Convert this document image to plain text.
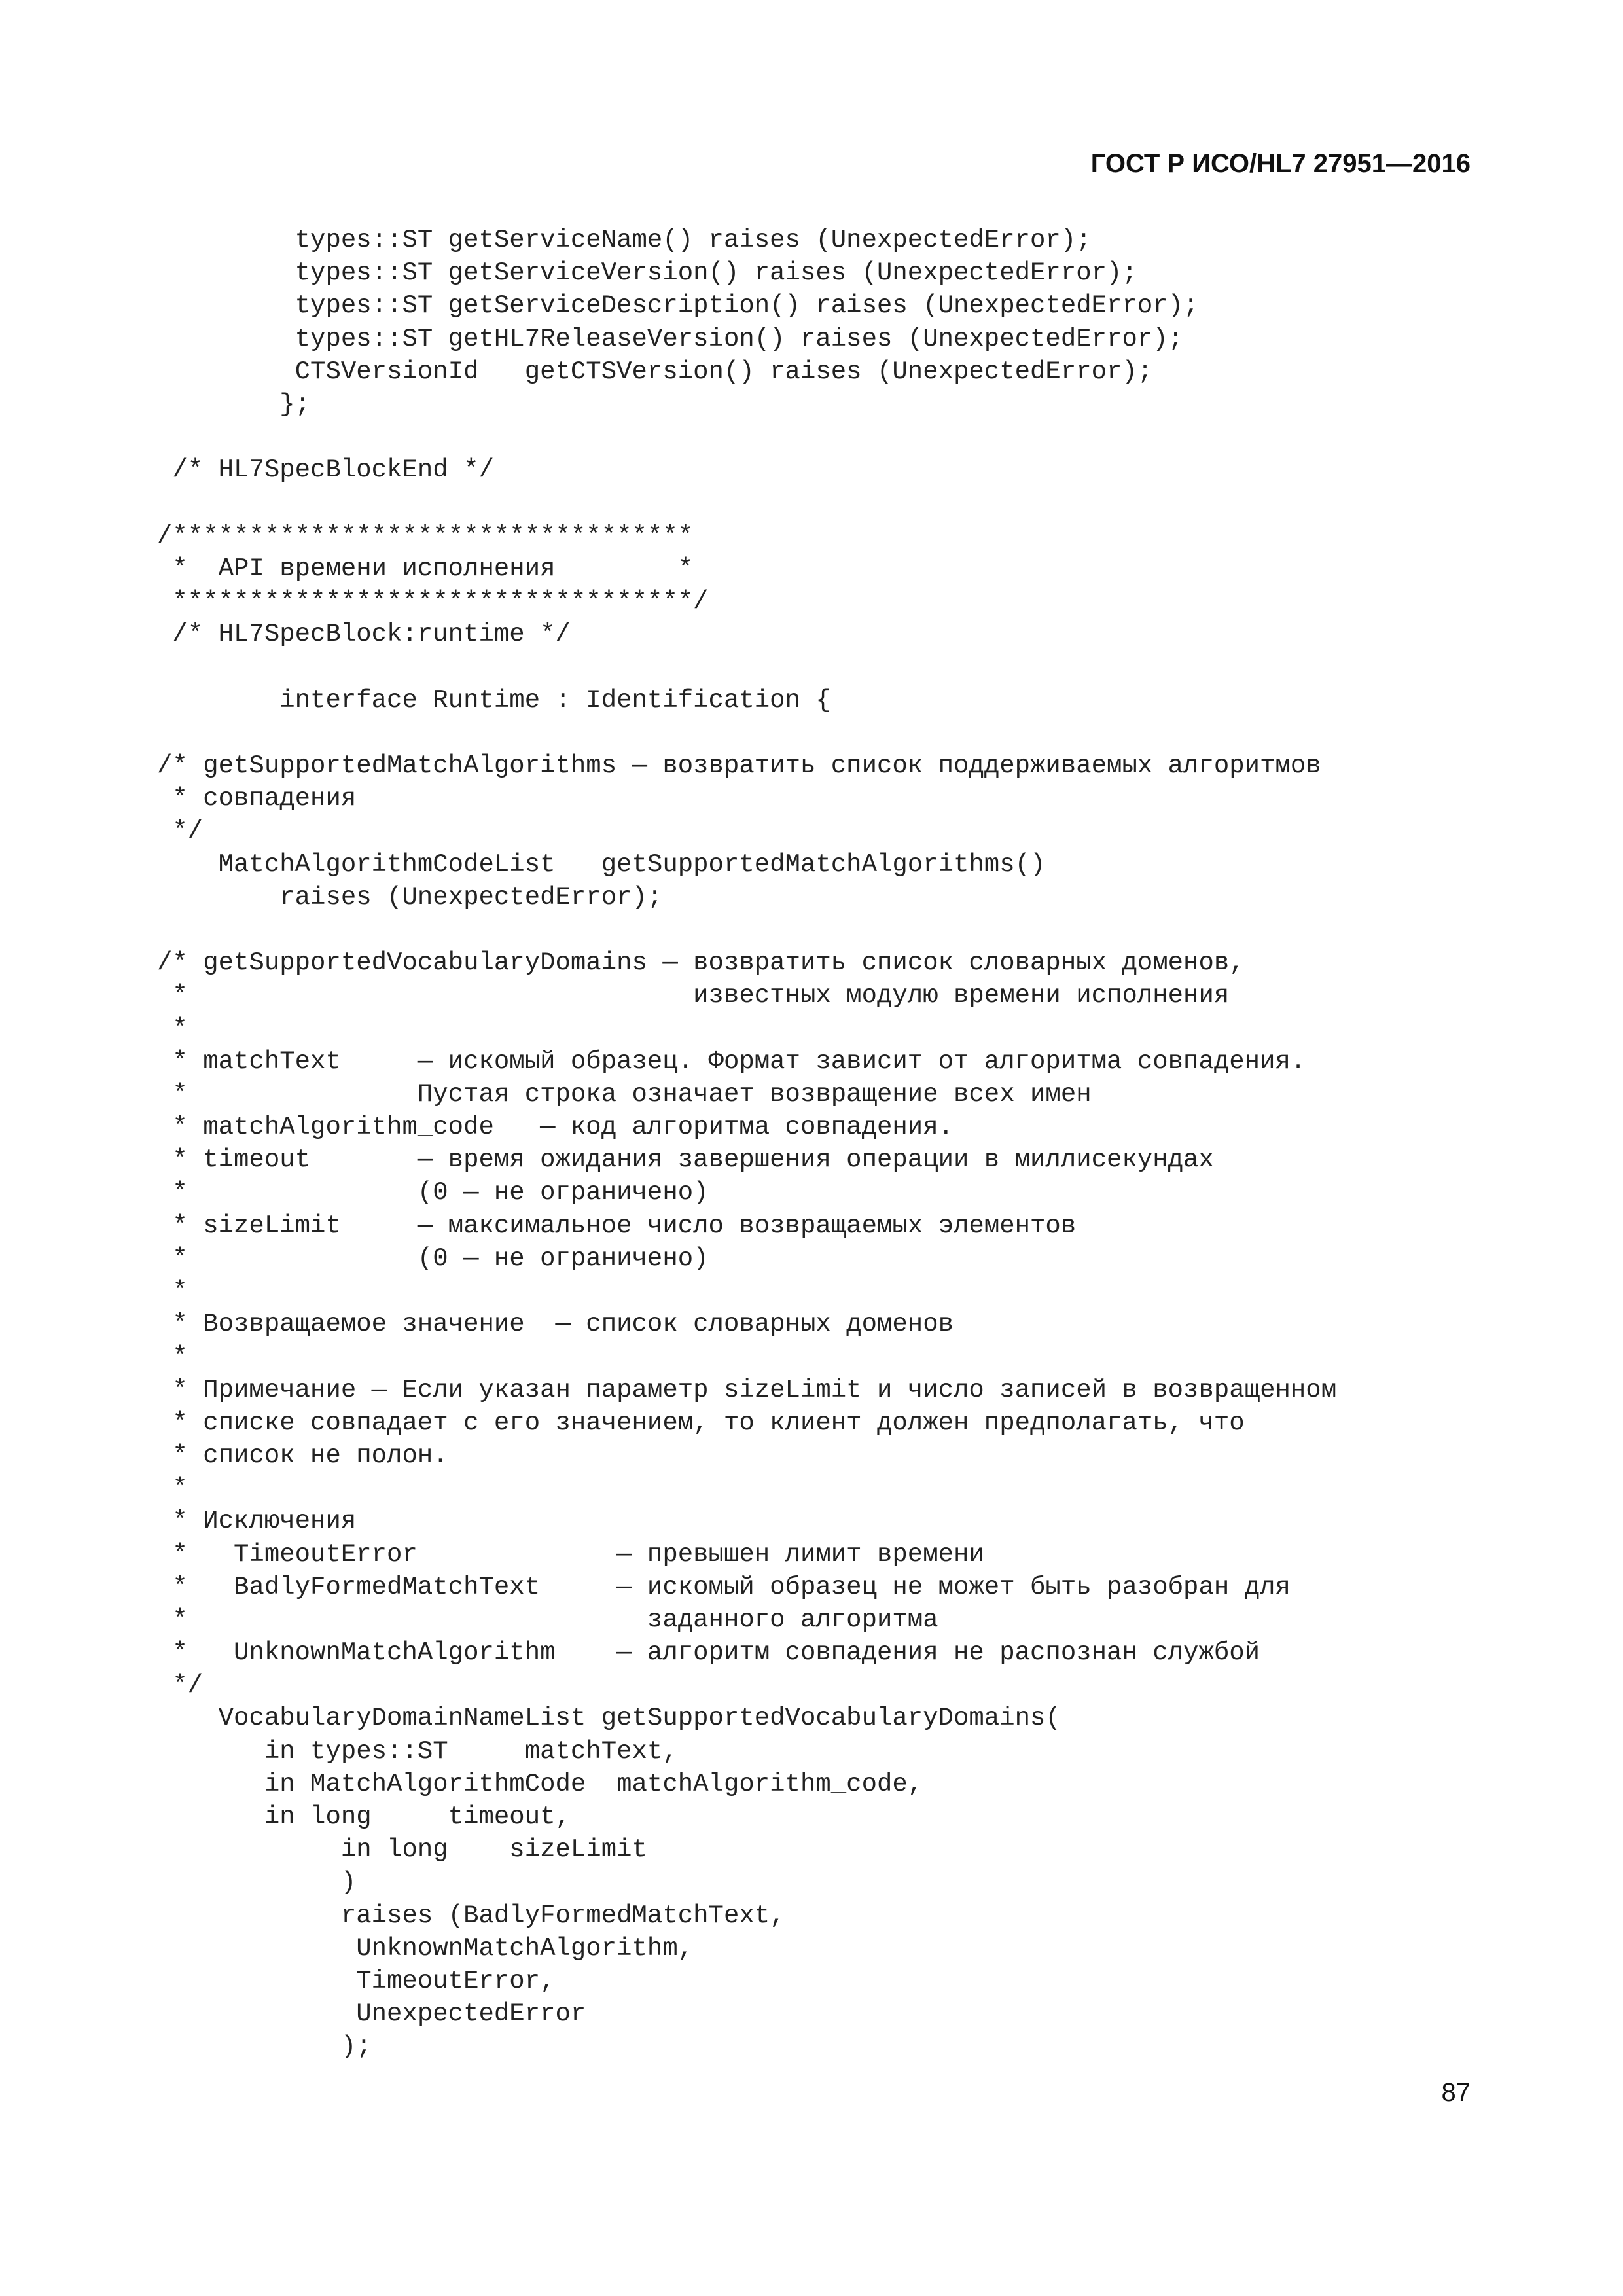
ГОСТ Р ИСО/HL7 27951—2016
types::ST getServiceName() raises (UnexpectedError);
types::ST getServiceVersion() raises (UnexpectedError);
types::ST getServiceDescription() raises (UnexpectedError);
types::ST getHL7ReleaseVersion() raises (UnexpectedError);
CTSVersionId   getCTSVersion() raises (UnexpectedError);
};
/* HL7SpecBlockEnd */
/**********************************
*  API времени исполнения        *
**********************************/
/* HL7SpecBlock:runtime */
interface Runtime : Identification {
/* getSupportedMatchAlgorithms — возвратить список поддерживаемых алгоритмов
* совпадения
*/
MatchAlgorithmCodeList   getSupportedMatchAlgorithms()
raises (UnexpectedError);
/* getSupportedVocabularyDomains — возвратить список словарных доменов,
*                                 известных модулю времени исполнения
*
* matchText     — искомый образец. Формат зависит от алгоритма совпадения.
*               Пустая строка означает возвращение всех имен
* matchAlgorithm_code   — код алгоритма совпадения.
* timeout       — время ожидания завершения операции в миллисекундах
*               (0 — не ограничено)
* sizeLimit     — максимальное число возвращаемых элементов
*               (0 — не ограничено)
*
* Возвращаемое значение  — список словарных доменов
*
* Примечание — Если указан параметр sizeLimit и число записей в возвращенном
* списке совпадает с его значением, то клиент должен предполагать, что
* список не полон.
*
* Исключения
*   TimeoutError             — превышен лимит времени
*   BadlyFormedMatchText     — искомый образец не может быть разобран для
*                              заданного алгоритма
*   UnknownMatchAlgorithm    — алгоритм совпадения не распознан службой
*/
VocabularyDomainNameList getSupportedVocabularyDomains(
in types::ST     matchText,
in MatchAlgorithmCode  matchAlgorithm_code,
in long     timeout,
in long    sizeLimit
)
raises (BadlyFormedMatchText,
UnknownMatchAlgorithm,
TimeoutError,
UnexpectedError
);
87
